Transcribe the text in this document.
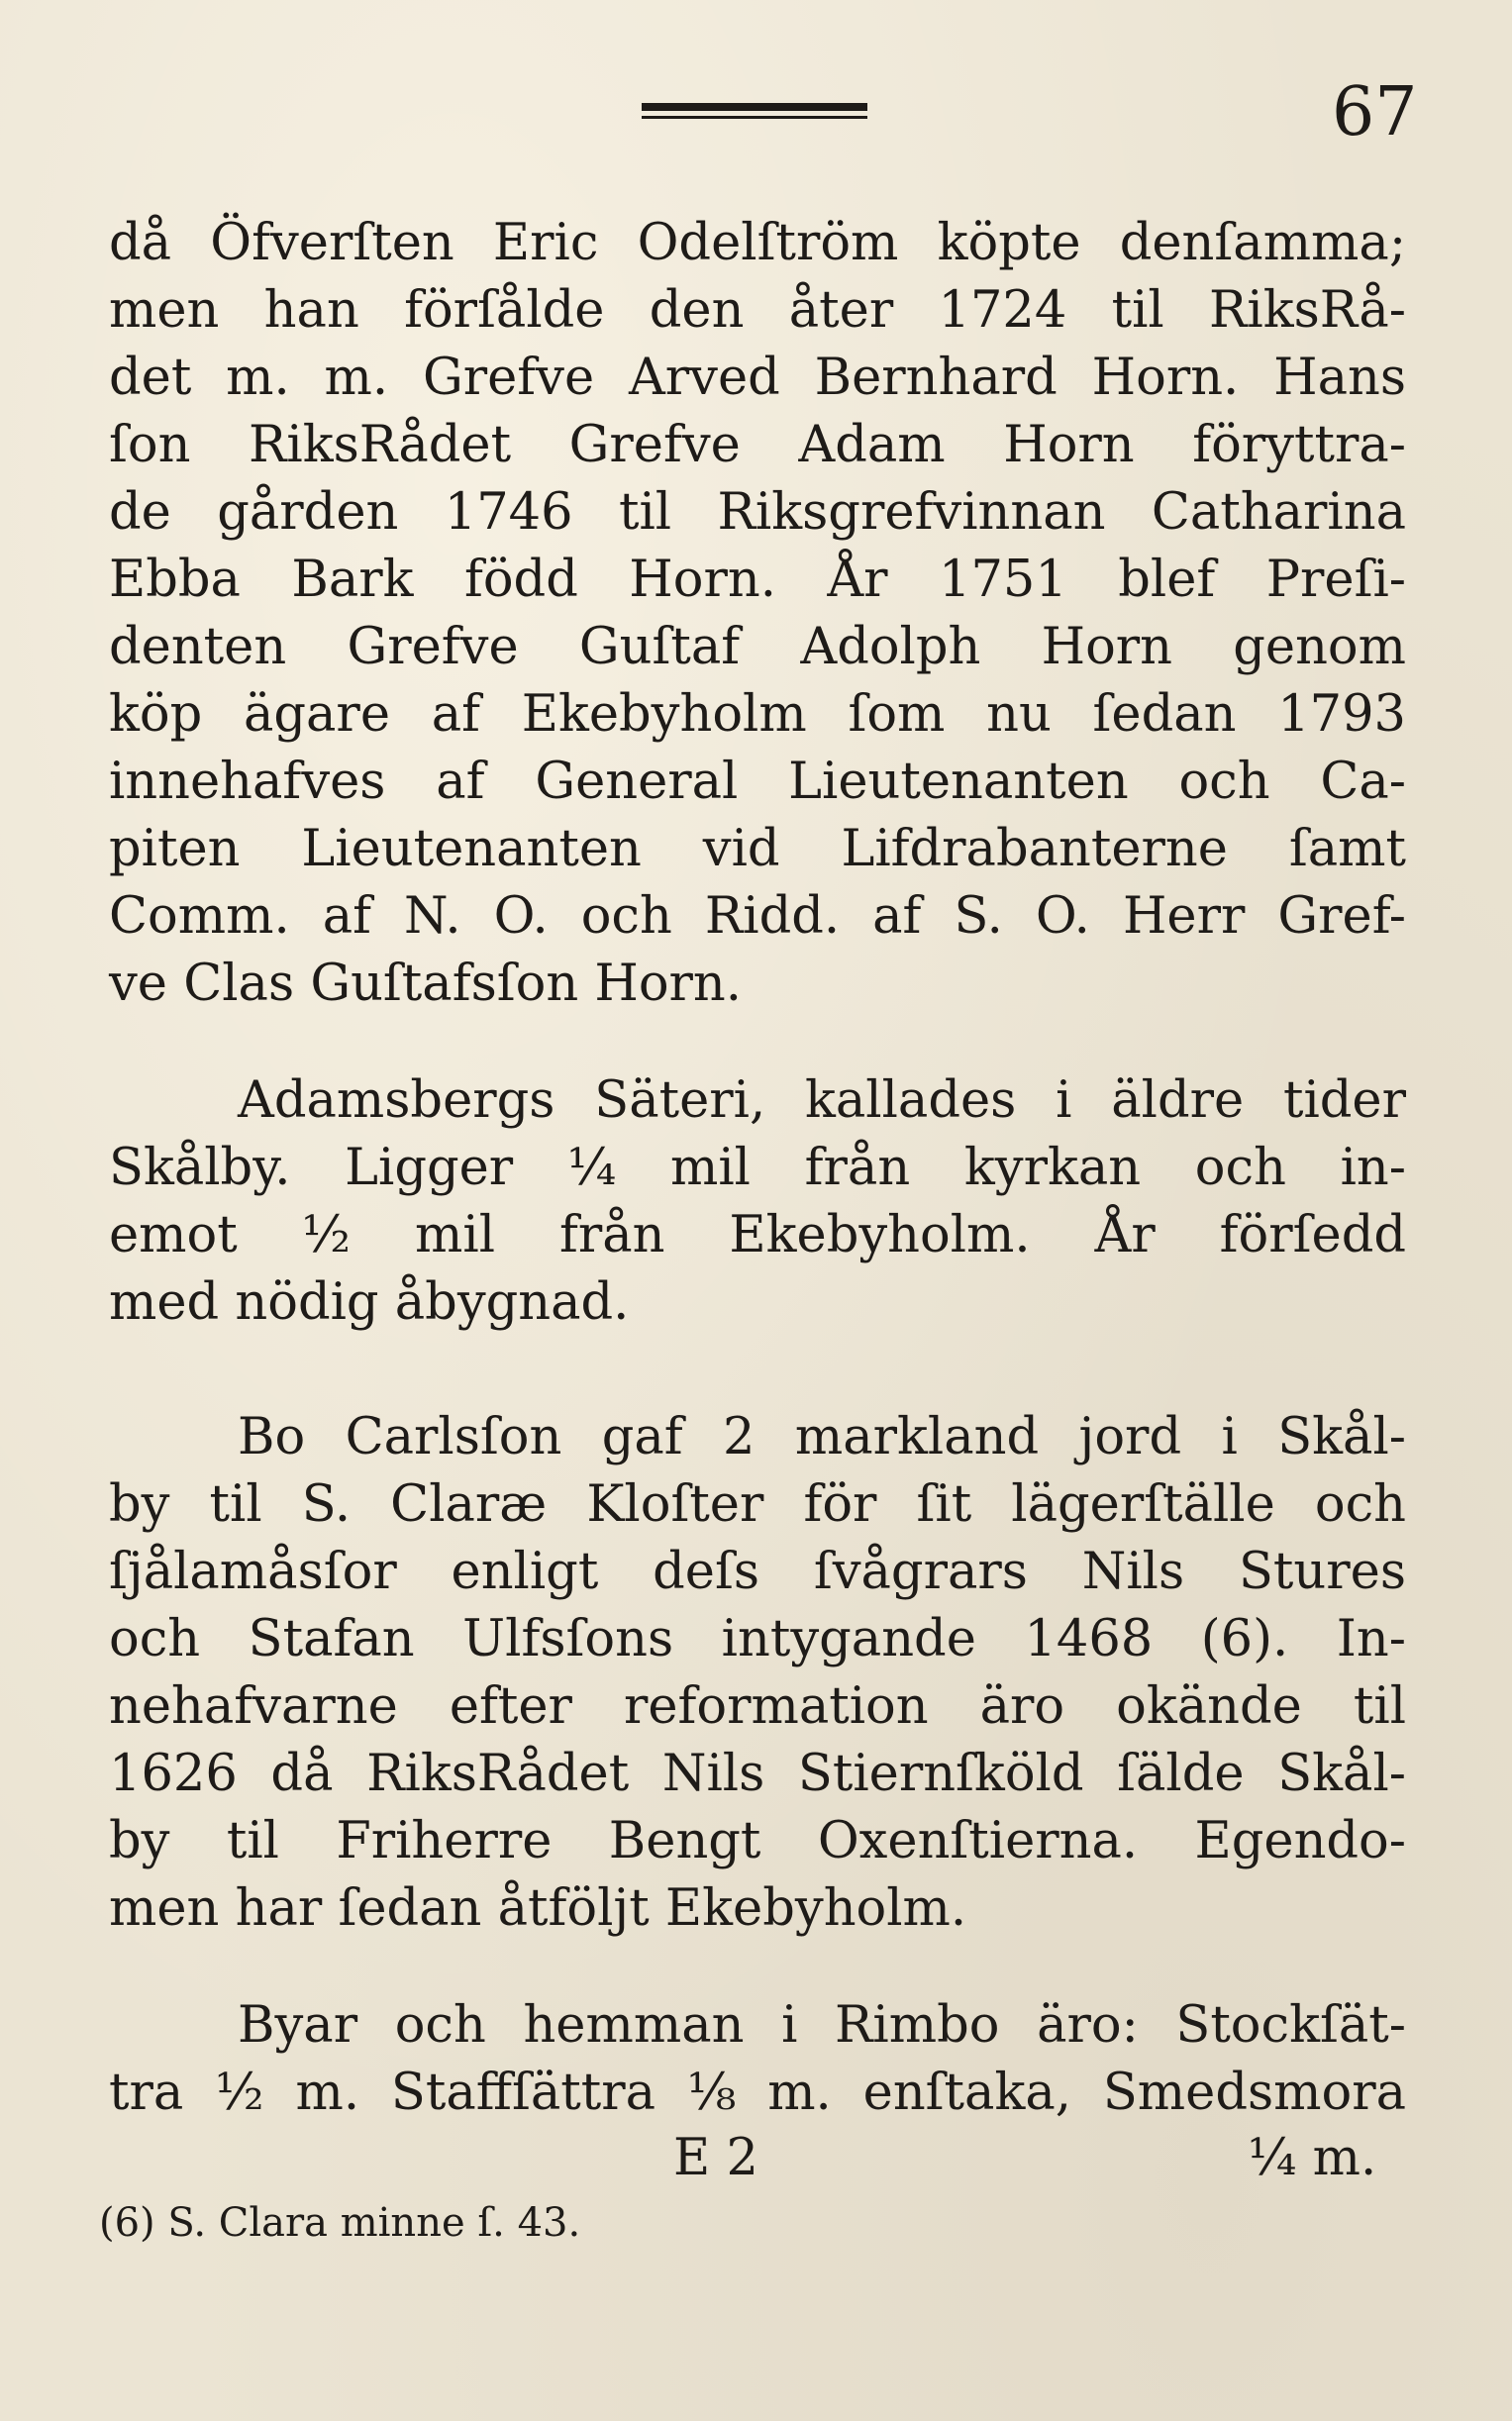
67
då Öfverſten Eric Odelſtröm köpte denſamma;
men han förſålde den åter 1724 til RiksRå-
det m. m. Grefve Arved Bernhard Horn. Hans
ſon RiksRådet Grefve Adam Horn föryttra-
de gården 1746 til Riksgrefvinnan Catharina
Ebba Bark född Horn. År 1751 blef Preſi-
denten Grefve Guſtaf Adolph Horn genom
köp ägare af Ekebyholm ſom nu ſedan 1793
innehafves af General Lieutenanten och Ca-
piten Lieutenanten vid Lifdrabanterne ſamt
Comm. af N. O. och Ridd. af S. O. Herr Gref-
ve Clas Guſtafsſon Horn.
Adamsbergs Säteri, kallades i äldre tider
Skålby. Ligger ¼ mil från kyrkan och in-
emot ½ mil från Ekebyholm. År förſedd
med nödig åbygnad.
Bo Carlsſon gaf 2 markland jord i Skål-
by til S. Claræ Kloſter för ſit lägerſtälle och
ſjålamåsſor enligt deſs ſvågrars Nils Stures
och Stafan Ulfsſons intygande 1468 (6). In-
nehafvarne efter reformation äro okände til
1626 då RiksRådet Nils Stiernſköld ſälde Skål-
by til Friherre Bengt Oxenſtierna. Egendo-
men har ſedan åtföljt Ekebyholm.
Byar och hemman i Rimbo äro: Stockſät-
tra ½ m. Staffſättra ⅛ m. enſtaka, Smedsmora
E 2	¼ m.
(6) S. Clara minne ſ. 43.
